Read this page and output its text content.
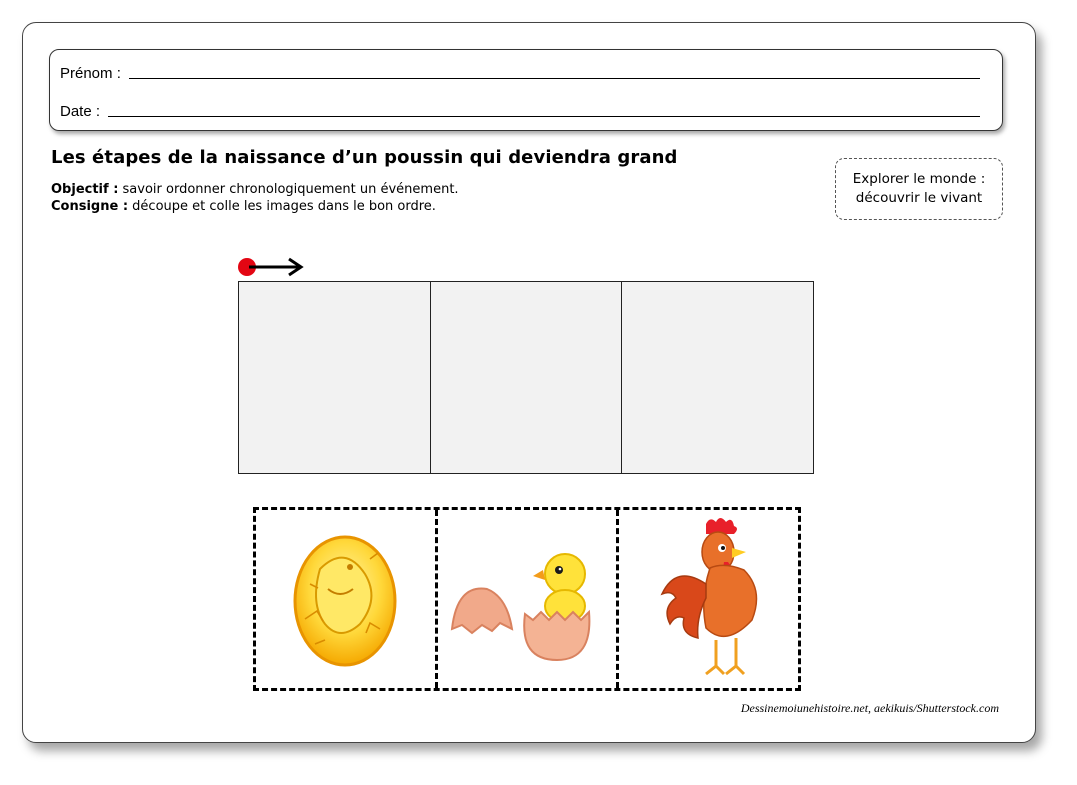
Prénom :
Date :
Les étapes de la naissance d’un poussin qui deviendra grand
Objectif : savoir ordonner chronologiquement un événement.
Consigne : découpe et colle les images dans le bon ordre.
Explorer le monde :
découvrir le vivant
Dessinemoiunehistoire.net, aekikuis/Shutterstock.com
